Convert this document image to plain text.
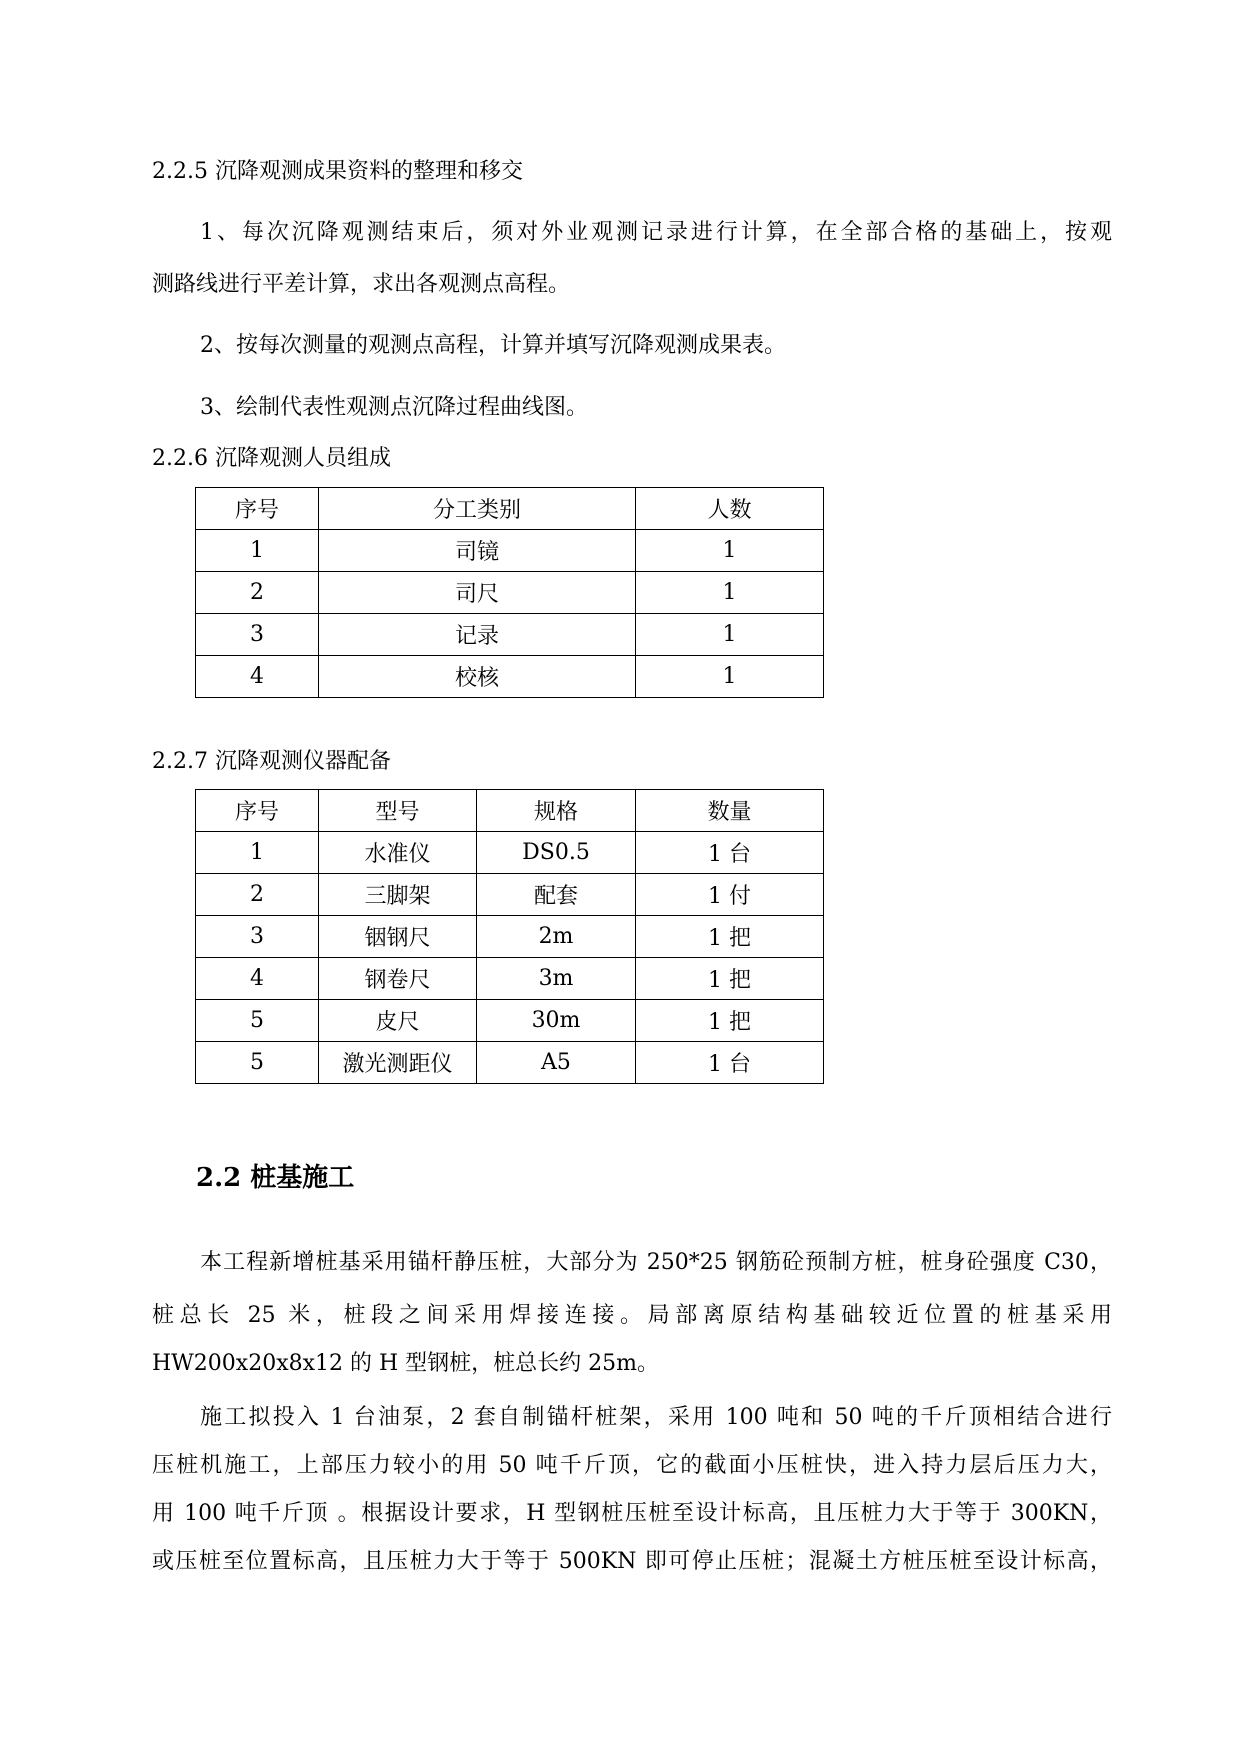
2.2.5 沉降观测成果资料的整理和移交
1、每次沉降观测结束后，须对外业观测记录进行计算，在全部合格的基础上，按观
测路线进行平差计算，求出各观测点高程。
2、按每次测量的观测点高程，计算并填写沉降观测成果表。
3、绘制代表性观测点沉降过程曲线图。
2.2.6 沉降观测人员组成
序号	分工类别	人数
1	司镜	1
2	司尺	1
3	记录	1
4	校核	1
2.2.7 沉降观测仪器配备
序号	型号	规格	数量
1	水准仪	DS0.5	1 台
2	三脚架	配套	1 付
3	铟钢尺	2m	1 把
4	钢卷尺	3m	1 把
5	皮尺	30m	1 把
5	激光测距仪	A5	1 台
2.2 桩基施工
本工程新增桩基采用锚杆静压桩，大部分为 250*25 钢筋砼预制方桩，桩身砼强度 C30，
桩总长 25 米，桩段之间采用焊接连接。局部离原结构基础较近位置的桩基采用
HW200x20x8x12 的 H 型钢桩，桩总长约 25m。
施工拟投入 1 台油泵，2 套自制锚杆桩架，采用 100 吨和 50 吨的千斤顶相结合进行
压桩机施工，上部压力较小的用 50 吨千斤顶，它的截面小压桩快，进入持力层后压力大，
用 100 吨千斤顶 。根据设计要求，H 型钢桩压桩至设计标高，且压桩力大于等于 300KN，
或压桩至位置标高，且压桩力大于等于 500KN 即可停止压桩；混凝土方桩压桩至设计标高，
